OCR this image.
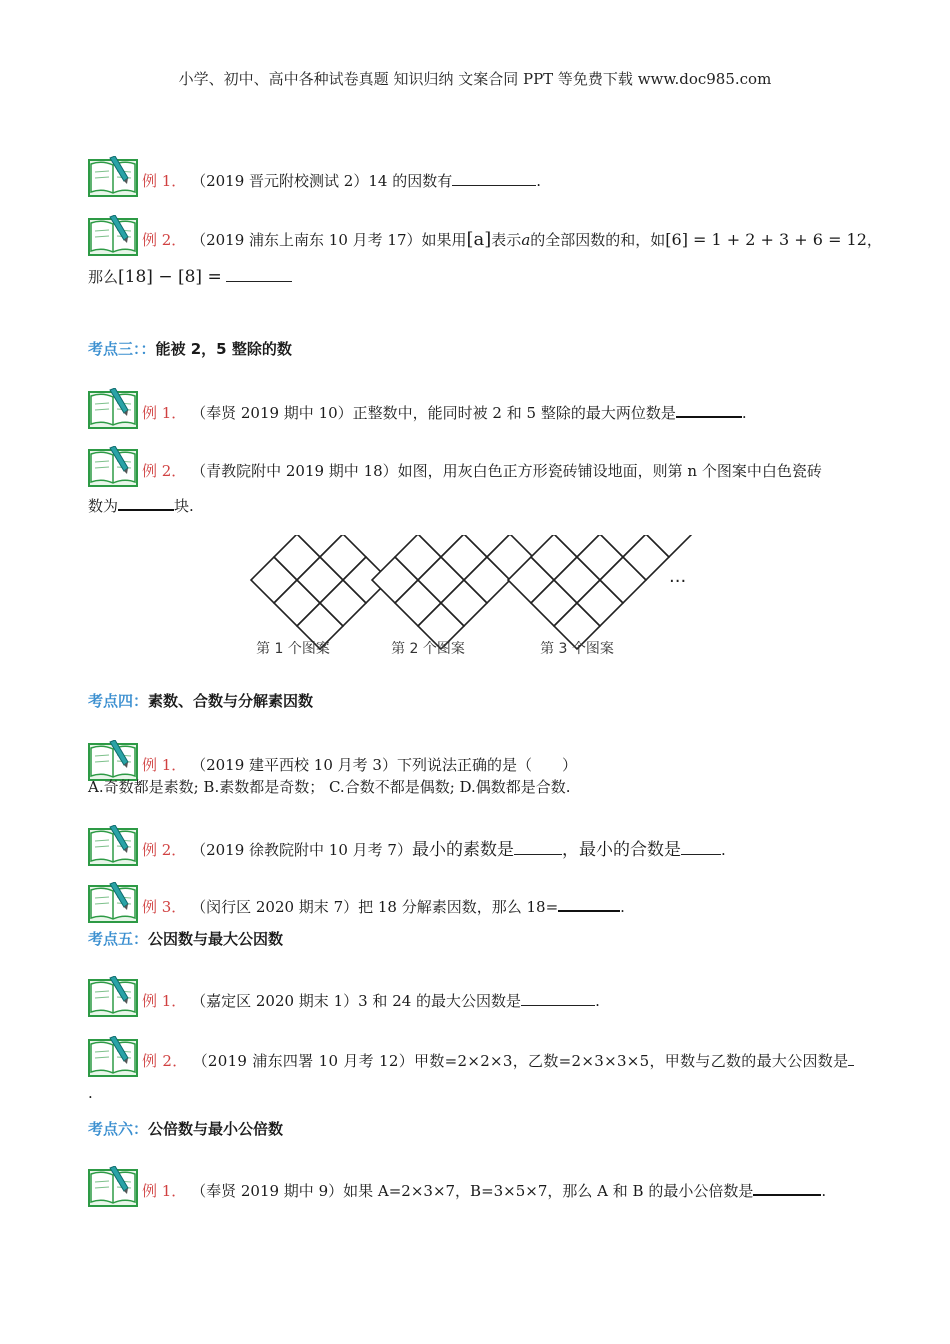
小学、初中、高中各种试卷真题 知识归纳 文案合同 PPT 等免费下载 www.doc985.com
例 1． （2019 晋元附校测试 2）14 的因数有	.
例 2． （2019 浦东上南东 10 月考 17）如果用[a]表示a的全部因数的和，如[6] = 1 + 2 + 3 + 6 = 12，
那么[18] − [8] =
考点三：：能被 2，5 整除的数
例 1． （奉贤 2019 期中 10）正整数中，能同时被 2 和 5 整除的最大两位数是	.
例 2． （青教院附中 2019 期中 18）如图，用灰白色正方形瓷砖铺设地面，则第 n 个图案中白色瓷砖
数为	块.
第 1 个图案	第 2 个图案	第 3 个图案
···
考点四：素数、合数与分解素因数
例 1． （2019 建平西校 10 月考 3）下列说法正确的是（　　）
A.奇数都是素数; B.素数都是奇数； C.合数不都是偶数; D.偶数都是合数.
例 2． （2019 徐教院附中 10 月考 7）最小的素数是	，最小的合数是	.
例 3． （闵行区 2020 期末 7）把 18 分解素因数，那么 18=	.
考点五：公因数与最大公因数
例 1． （嘉定区 2020 期末 1）3 和 24 的最大公因数是	.
例 2． （2019 浦东四署 10 月考 12）甲数=2×2×3，乙数=2×3×3×5，甲数与乙数的最大公因数是
.
考点六：公倍数与最小公倍数
例 1． （奉贤 2019 期中 9）如果 A=2×3×7，B=3×5×7，那么 A 和 B 的最小公倍数是	.
